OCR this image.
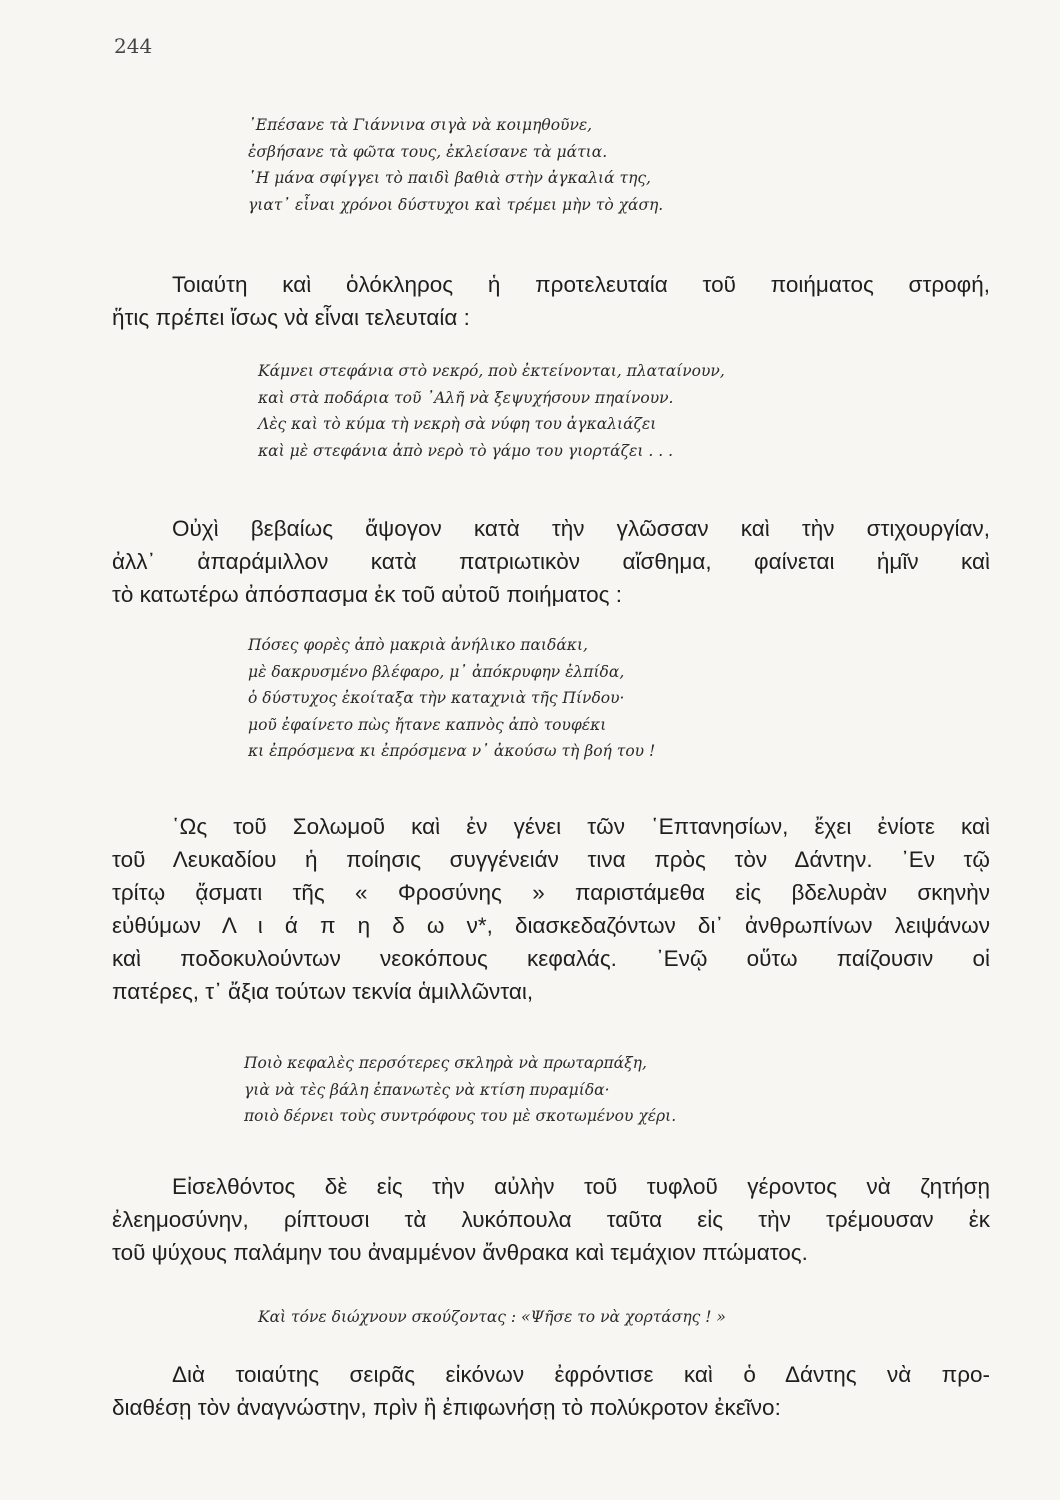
244
᾿Επέσανε τὰ Γιάννινα σιγὰ νὰ κοιμηθοῦνε,
ἐσβήσανε τὰ φῶτα τους, ἐκλείσανε τὰ μάτια.
῾Η μάνα σφίγγει τὸ παιδὶ βαθιὰ στὴν ἀγκαλιά της,
γιατ᾿ εἶναι χρόνοι δύστυχοι καὶ τρέμει μὴν τὸ χάση.
Τοιαύτη καὶ ὁλόκληρος ἡ προτελευταία τοῦ ποιήματος στροφή,
ἥτις πρέπει ἴσως νὰ εἶναι τελευταία :
Κάμνει στεφάνια στὸ νεκρό, ποὺ ἐκτείνονται, πλαταίνουν,
καὶ στὰ ποδάρια τοῦ ᾿Αλῆ νὰ ξεψυχήσουν πηαίνουν.
Λὲς καὶ τὸ κύμα τὴ νεκρὴ σὰ νύφη του ἀγκαλιάζει
καὶ μὲ στεφάνια ἀπὸ νερὸ τὸ γάμο του γιορτάζει . . .
Οὐχὶ βεβαίως ἄψογον κατὰ τὴν γλῶσσαν καὶ τὴν στιχουργίαν,
ἀλλ᾿ ἀπαράμιλλον κατὰ πατριωτικὸν αἴσθημα, φαίνεται ἡμῖν καὶ
τὸ κατωτέρω ἀπόσπασμα ἐκ τοῦ αὐτοῦ ποιήματος :
Πόσες φορὲς ἀπὸ μακριὰ ἀνήλικο παιδάκι,
μὲ δακρυσμένο βλέφαρο, μ᾿ ἀπόκρυφην ἐλπίδα,
ὁ δύστυχος ἐκοίταξα τὴν καταχνιὰ τῆς Πίνδου·
μοῦ ἐφαίνετο πὼς ἤτανε καπνὸς ἀπὸ τουφέκι
κι ἐπρόσμενα κι ἐπρόσμενα ν᾿ ἀκούσω τὴ βοή του !
῾Ως τοῦ Σολωμοῦ καὶ ἐν γένει τῶν ῾Επτανησίων, ἔχει ἐνίοτε καὶ
τοῦ Λευκαδίου ἡ ποίησις συγγένειάν τινα πρὸς τὸν Δάντην. ᾿Εν τῷ
τρίτῳ ᾄσματι τῆς « Φροσύνης » παριστάμεθα εἰς βδελυρὰν σκηνὴν
εὐθύμων Λ ι ά π η δ ω ν*, διασκεδαζόντων δι᾿ ἀνθρωπίνων λειψάνων
καὶ ποδοκυλούντων νεοκόπους κεφαλάς. ᾿Ενῷ οὕτω παίζουσιν οἱ
πατέρες, τ᾿ ἄξια τούτων τεκνία ἁμιλλῶνται,
Ποιὸ κεφαλὲς περσότερες σκληρὰ νὰ πρωταρπάξη,
γιὰ νὰ τὲς βάλη ἐπανωτὲς νὰ κτίση πυραμίδα·
ποιὸ δέρνει τοὺς συντρόφους του μὲ σκοτωμένου χέρι.
Εἰσελθόντος δὲ εἰς τὴν αὐλὴν τοῦ τυφλοῦ γέροντος νὰ ζητήσῃ
ἐλεημοσύνην, ρίπτουσι τὰ λυκόπουλα ταῦτα εἰς τὴν τρέμουσαν ἐκ
τοῦ ψύχους παλάμην του ἀναμμένον ἄνθρακα καὶ τεμάχιον πτώματος.
Καὶ τόνε διώχνουν σκούζοντας : «Ψῆσε το νὰ χορτάσης ! »
Διὰ τοιαύτης σειρᾶς εἰκόνων ἐφρόντισε καὶ ὁ Δάντης νὰ προ-
διαθέσῃ τὸν ἀναγνώστην, πρὶν ἢ ἐπιφωνήσῃ τὸ πολύκροτον ἐκεῖνο:
